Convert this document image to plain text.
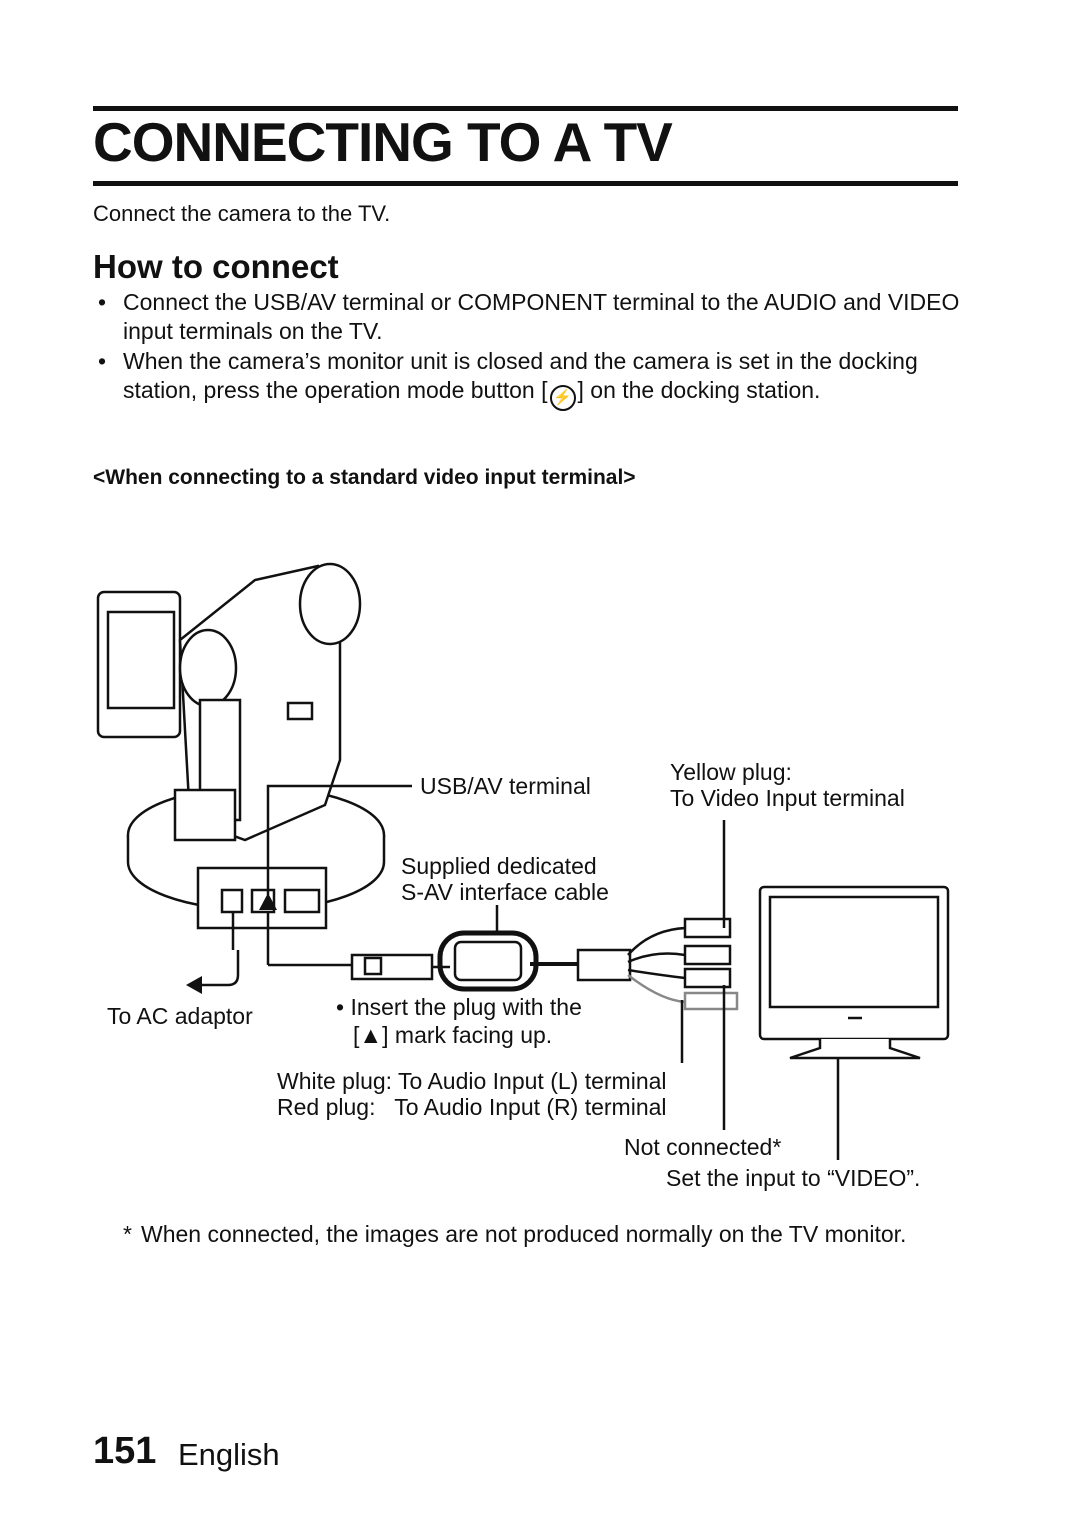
CONNECTING TO A TV
Connect the camera to the TV.
How to connect
• Connect the USB/AV terminal or COMPONENT terminal to the AUDIO and VIDEO input terminals on the TV.
• When the camera’s monitor unit is closed and the camera is set in the docking station, press the operation mode button [ ⚡ ] on the docking station.
<When connecting to a standard video input terminal>
USB/AV terminal
Yellow plug:
To Video Input terminal
Supplied dedicated
S-AV interface cable
To AC adaptor	• Insert the plug with the
[▲] mark facing up.
White plug: To Audio Input (L) terminal
Red plug:   To Audio Input (R) terminal
Not connected*
Set the input to “VIDEO”.
* When connected, the images are not produced normally on the TV monitor.
151 English
